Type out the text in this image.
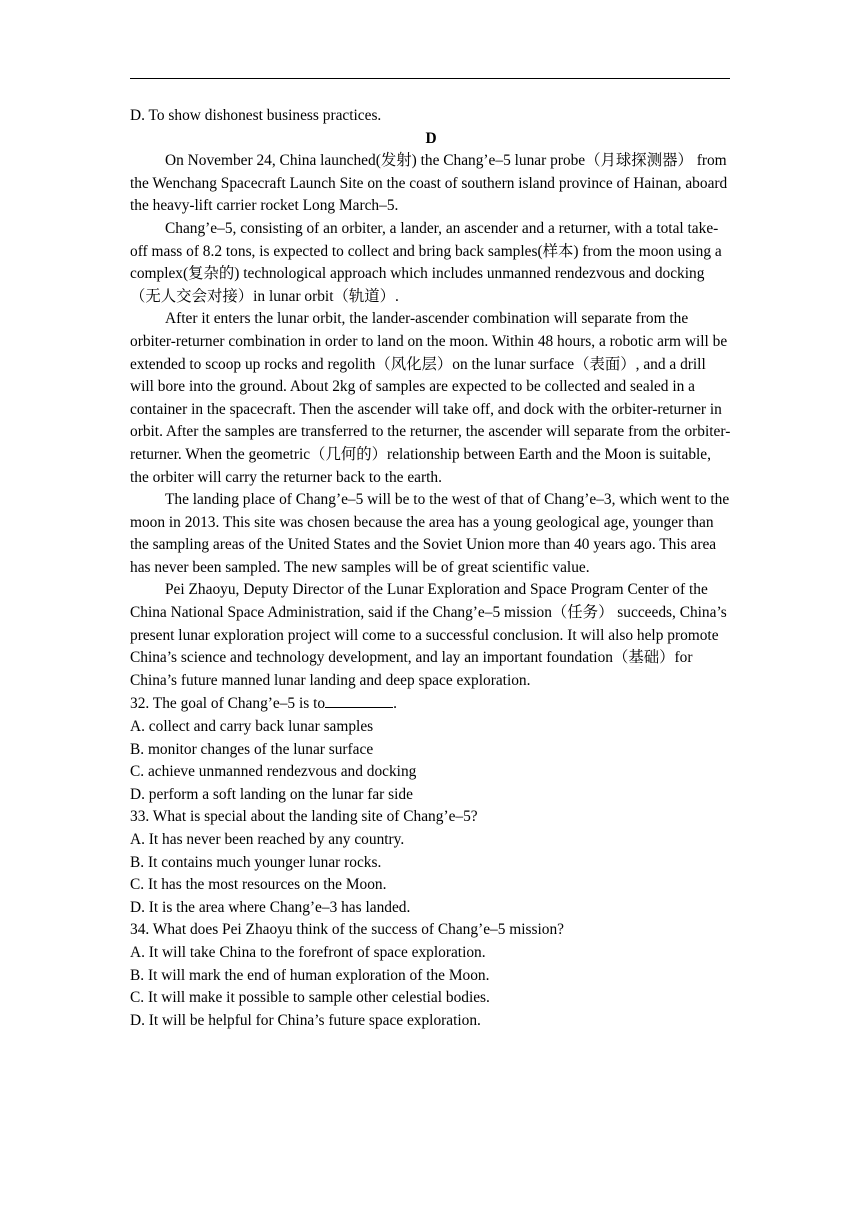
D. To show dishonest business practices.

D

On November 24, China launched(发射) the Chang’e–5 lunar probe（月球探测器） from the Wenchang Spacecraft Launch Site on the coast of southern island province of Hainan, aboard the heavy-lift carrier rocket Long March–5.

Chang’e–5, consisting of an orbiter, a lander, an ascender and a returner, with a total take-off mass of 8.2 tons, is expected to collect and bring back samples(样本) from the moon using a complex(复杂的) technological approach which includes unmanned rendezvous and docking（无人交会对接）in lunar orbit（轨道）.

After it enters the lunar orbit, the lander-ascender combination will separate from the orbiter-returner combination in order to land on the moon. Within 48 hours, a robotic arm will be extended to scoop up rocks and regolith（风化层）on the lunar surface（表面）, and a drill will bore into the ground. About 2kg of samples are expected to be collected and sealed in a container in the spacecraft. Then the ascender will take off, and dock with the orbiter-returner in orbit. After the samples are transferred to the returner, the ascender will separate from the orbiter-returner. When the geometric（几何的）relationship between Earth and the Moon is suitable, the orbiter will carry the returner back to the earth.

The landing place of Chang’e–5 will be to the west of that of Chang’e–3, which went to the moon in 2013. This site was chosen because the area has a young geological age, younger than the sampling areas of the United States and the Soviet Union more than 40 years ago. This area has never been sampled. The new samples will be of great scientific value.

Pei Zhaoyu, Deputy Director of the Lunar Exploration and Space Program Center of the China National Space Administration, said if the Chang’e–5 mission（任务） succeeds, China’s present lunar exploration project will come to a successful conclusion. It will also help promote China’s science and technology development, and lay an important foundation（基础）for China’s future manned lunar landing and deep space exploration.

32. The goal of Chang’e–5 is to	.

A. collect and carry back lunar samples

B. monitor changes of the lunar surface

C. achieve unmanned rendezvous and docking

D. perform a soft landing on the lunar far side

33. What is special about the landing site of Chang’e–5?

A. It has never been reached by any country.

B. It contains much younger lunar rocks.

C. It has the most resources on the Moon.

D. It is the area where Chang’e–3 has landed.

34. What does Pei Zhaoyu think of the success of Chang’e–5 mission?

A. It will take China to the forefront of space exploration.

B. It will mark the end of human exploration of the Moon.

C. It will make it possible to sample other celestial bodies.

D. It will be helpful for China’s future space exploration.
